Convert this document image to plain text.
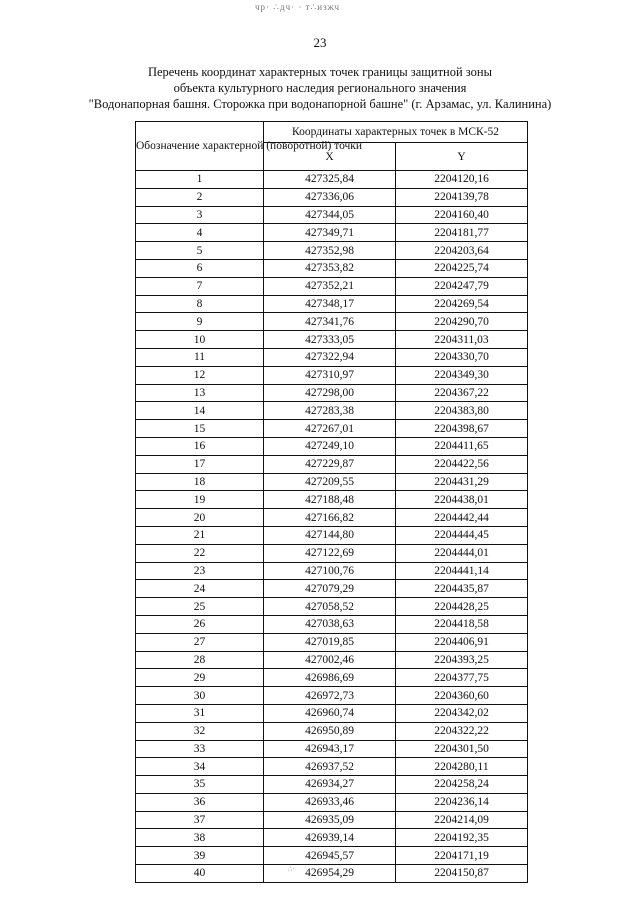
чр· ∴дч· · т∴изжч
23
Перечень координат характерных точек границы защитной зоны
объекта культурного наследия регионального значения
"Водонапорная башня. Сторожка при водонапорной башне" (г. Арзамас, ул. Калинина)
Обозначение характерной (поворотной) точки	Координаты характерных точек в МСК-52	
	X	Y
1	427325,84	2204120,16
2	427336,06	2204139,78
3	427344,05	2204160,40
4	427349,71	2204181,77
5	427352,98	2204203,64
6	427353,82	2204225,74
7	427352,21	2204247,79
8	427348,17	2204269,54
9	427341,76	2204290,70
10	427333,05	2204311,03
11	427322,94	2204330,70
12	427310,97	2204349,30
13	427298,00	2204367,22
14	427283,38	2204383,80
15	427267,01	2204398,67
16	427249,10	2204411,65
17	427229,87	2204422,56
18	427209,55	2204431,29
19	427188,48	2204438,01
20	427166,82	2204442,44
21	427144,80	2204444,45
22	427122,69	2204444,01
23	427100,76	2204441,14
24	427079,29	2204435,87
25	427058,52	2204428,25
26	427038,63	2204418,58
27	427019,85	2204406,91
28	427002,46	2204393,25
29	426986,69	2204377,75
30	426972,73	2204360,60
31	426960,74	2204342,02
32	426950,89	2204322,22
33	426943,17	2204301,50
34	426937,52	2204280,11
35	426934,27	2204258,24
36	426933,46	2204236,14
37	426935,09	2204214,09
38	426939,14	2204192,35
39	426945,57	2204171,19
40	426954,29	2204150,87
∴·
